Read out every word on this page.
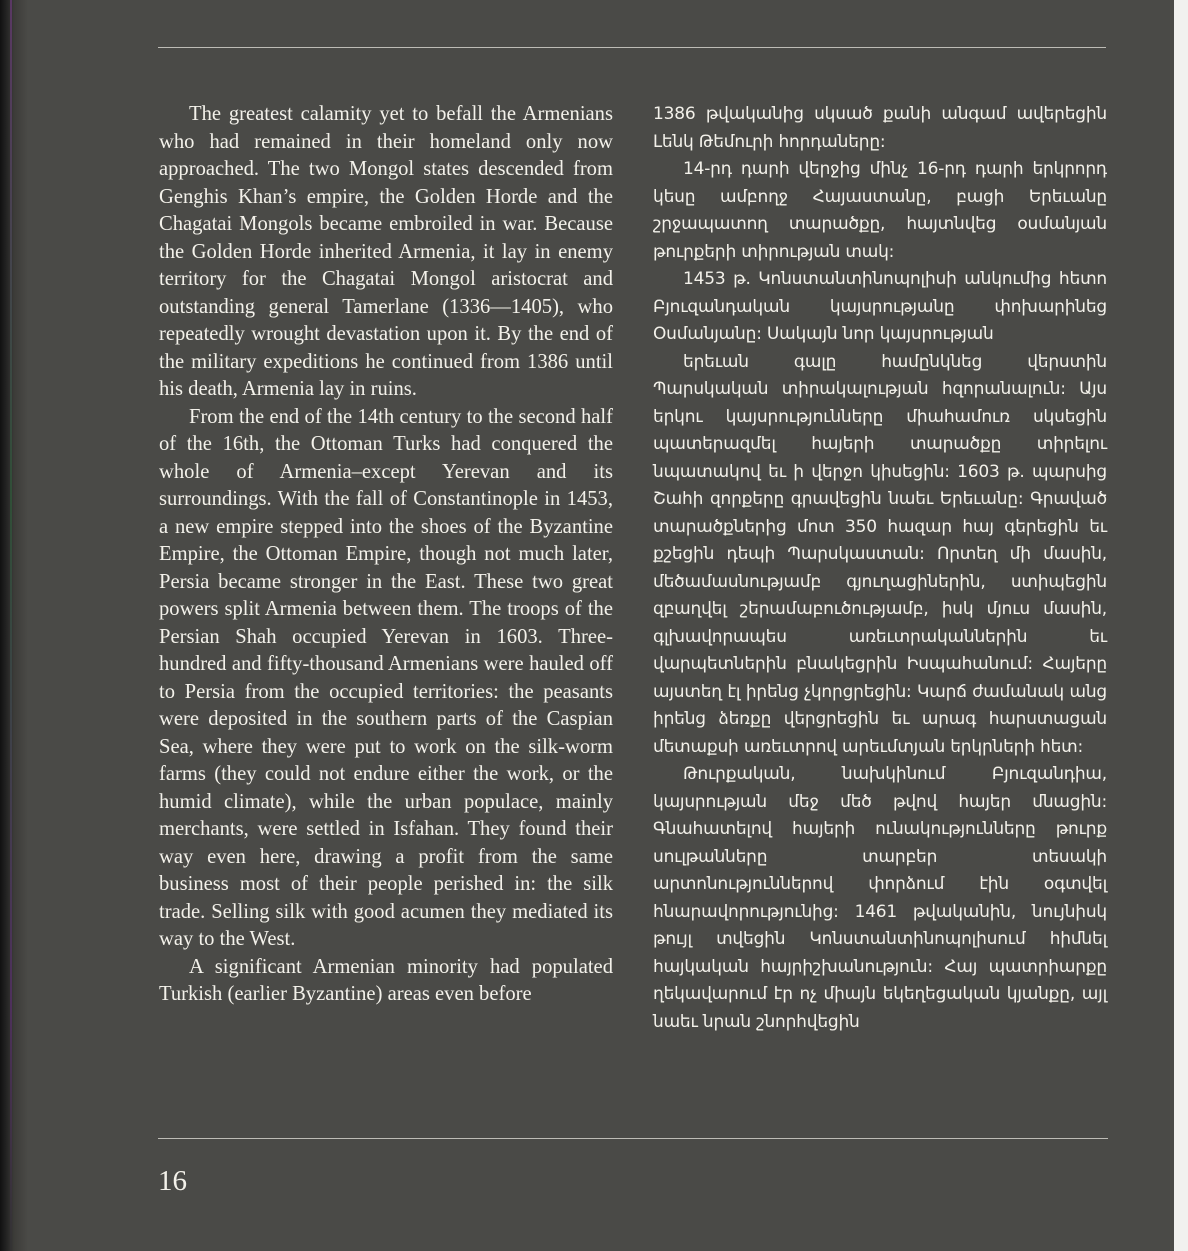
The greatest calamity yet to befall the Armenians who had remained in their homeland only now approached. The two Mongol states descended from Genghis Khan’s empire, the Golden Horde and the Chagatai Mongols became embroiled in war. Because the Golden Horde inherited Armenia, it lay in enemy territory for the Chagatai Mongol aristocrat and outstanding general Tamerlane (1336—1405), who repeatedly wrought devastation upon it. By the end of the military expeditions he continued from 1386 until his death, Armenia lay in ruins.

From the end of the 14th century to the second half of the 16th, the Ottoman Turks had conquered the whole of Armenia–except Yerevan and its surroundings. With the fall of Constantinople in 1453, a new empire stepped into the shoes of the Byzantine Empire, the Ottoman Empire, though not much later, Persia became stronger in the East. These two great powers split Armenia between them. The troops of the Persian Shah occupied Yerevan in 1603. Three-hundred and fifty-thousand Armenians were hauled off to Persia from the occupied territories: the peasants were deposited in the southern parts of the Caspian Sea, where they were put to work on the silk-worm farms (they could not endure either the work, or the humid climate), while the urban populace, mainly merchants, were settled in Isfahan. They found their way even here, drawing a profit from the same business most of their people perished in: the silk trade. Selling silk with good acumen they mediated its way to the West.

A significant Armenian minority had populated Turkish (earlier Byzantine) areas even before

1386 թվականից սկսած քանի անգամ ավերեցին Լենկ Թեմուրի հորդաները:

14-րդ դարի վերջից մինչ 16-րդ դարի երկրորդ կեսը ամբողջ Հայաստանը, բացի Երեւանը շրջապատող տարածքը, հայտնվեց օսմանյան թուրքերի տիրության տակ:

1453 թ. Կոնստանտինոպոլիսի անկումից հետո Բյուզանդական կայսրությանը փոխարինեց Օսմանյանը: Սակայն նոր կայսրության

երեւան գալը համընկնեց վերստին Պարսկական տիրակալության հզորանալուն: Այս երկու կայսրությունները միահամուռ սկսեցին պատերազմել հայերի տարածքը տիրելու նպատակով եւ ի վերջո կիսեցին: 1603 թ. պարսից Շահի զորքերը գրավեցին նաեւ Երեւանը: Գրաված տարածքներից մոտ 350 հազար հայ գերեցին եւ քշեցին դեպի Պարսկաստան: Որտեղ մի մասին, մեծամասնությամբ գյուղացիներին, ստիպեցին զբաղվել շերամաբուծությամբ, իսկ մյուս մասին, գլխավորապես առեւտրականներին եւ վարպետներին բնակեցրին Իսպահանում: Հայերը այստեղ էլ իրենց չկորցրեցին: Կարճ ժամանակ անց իրենց ձեռքը վերցրեցին եւ արագ հարստացան մետաքսի առեւտրով արեւմտյան երկրների հետ:

Թուրքական, նախկինում Բյուզանդիա, կայսրության մեջ մեծ թվով հայեր մնացին: Գնահատելով հայերի ունակությունները թուրք սուլթանները տարբեր տեսակի արտոնություններով փորձում էին օգտվել հնարավորությունից: 1461 թվականին, նույնիսկ թույլ տվեցին Կոնստանտինոպոլիսում հիմնել հայկական հայրիշխանություն: Հայ պատրիարքը ղեկավարում էր ոչ միայն եկեղեցական կյանքը, այլ նաեւ նրան շնորհվեցին

16
